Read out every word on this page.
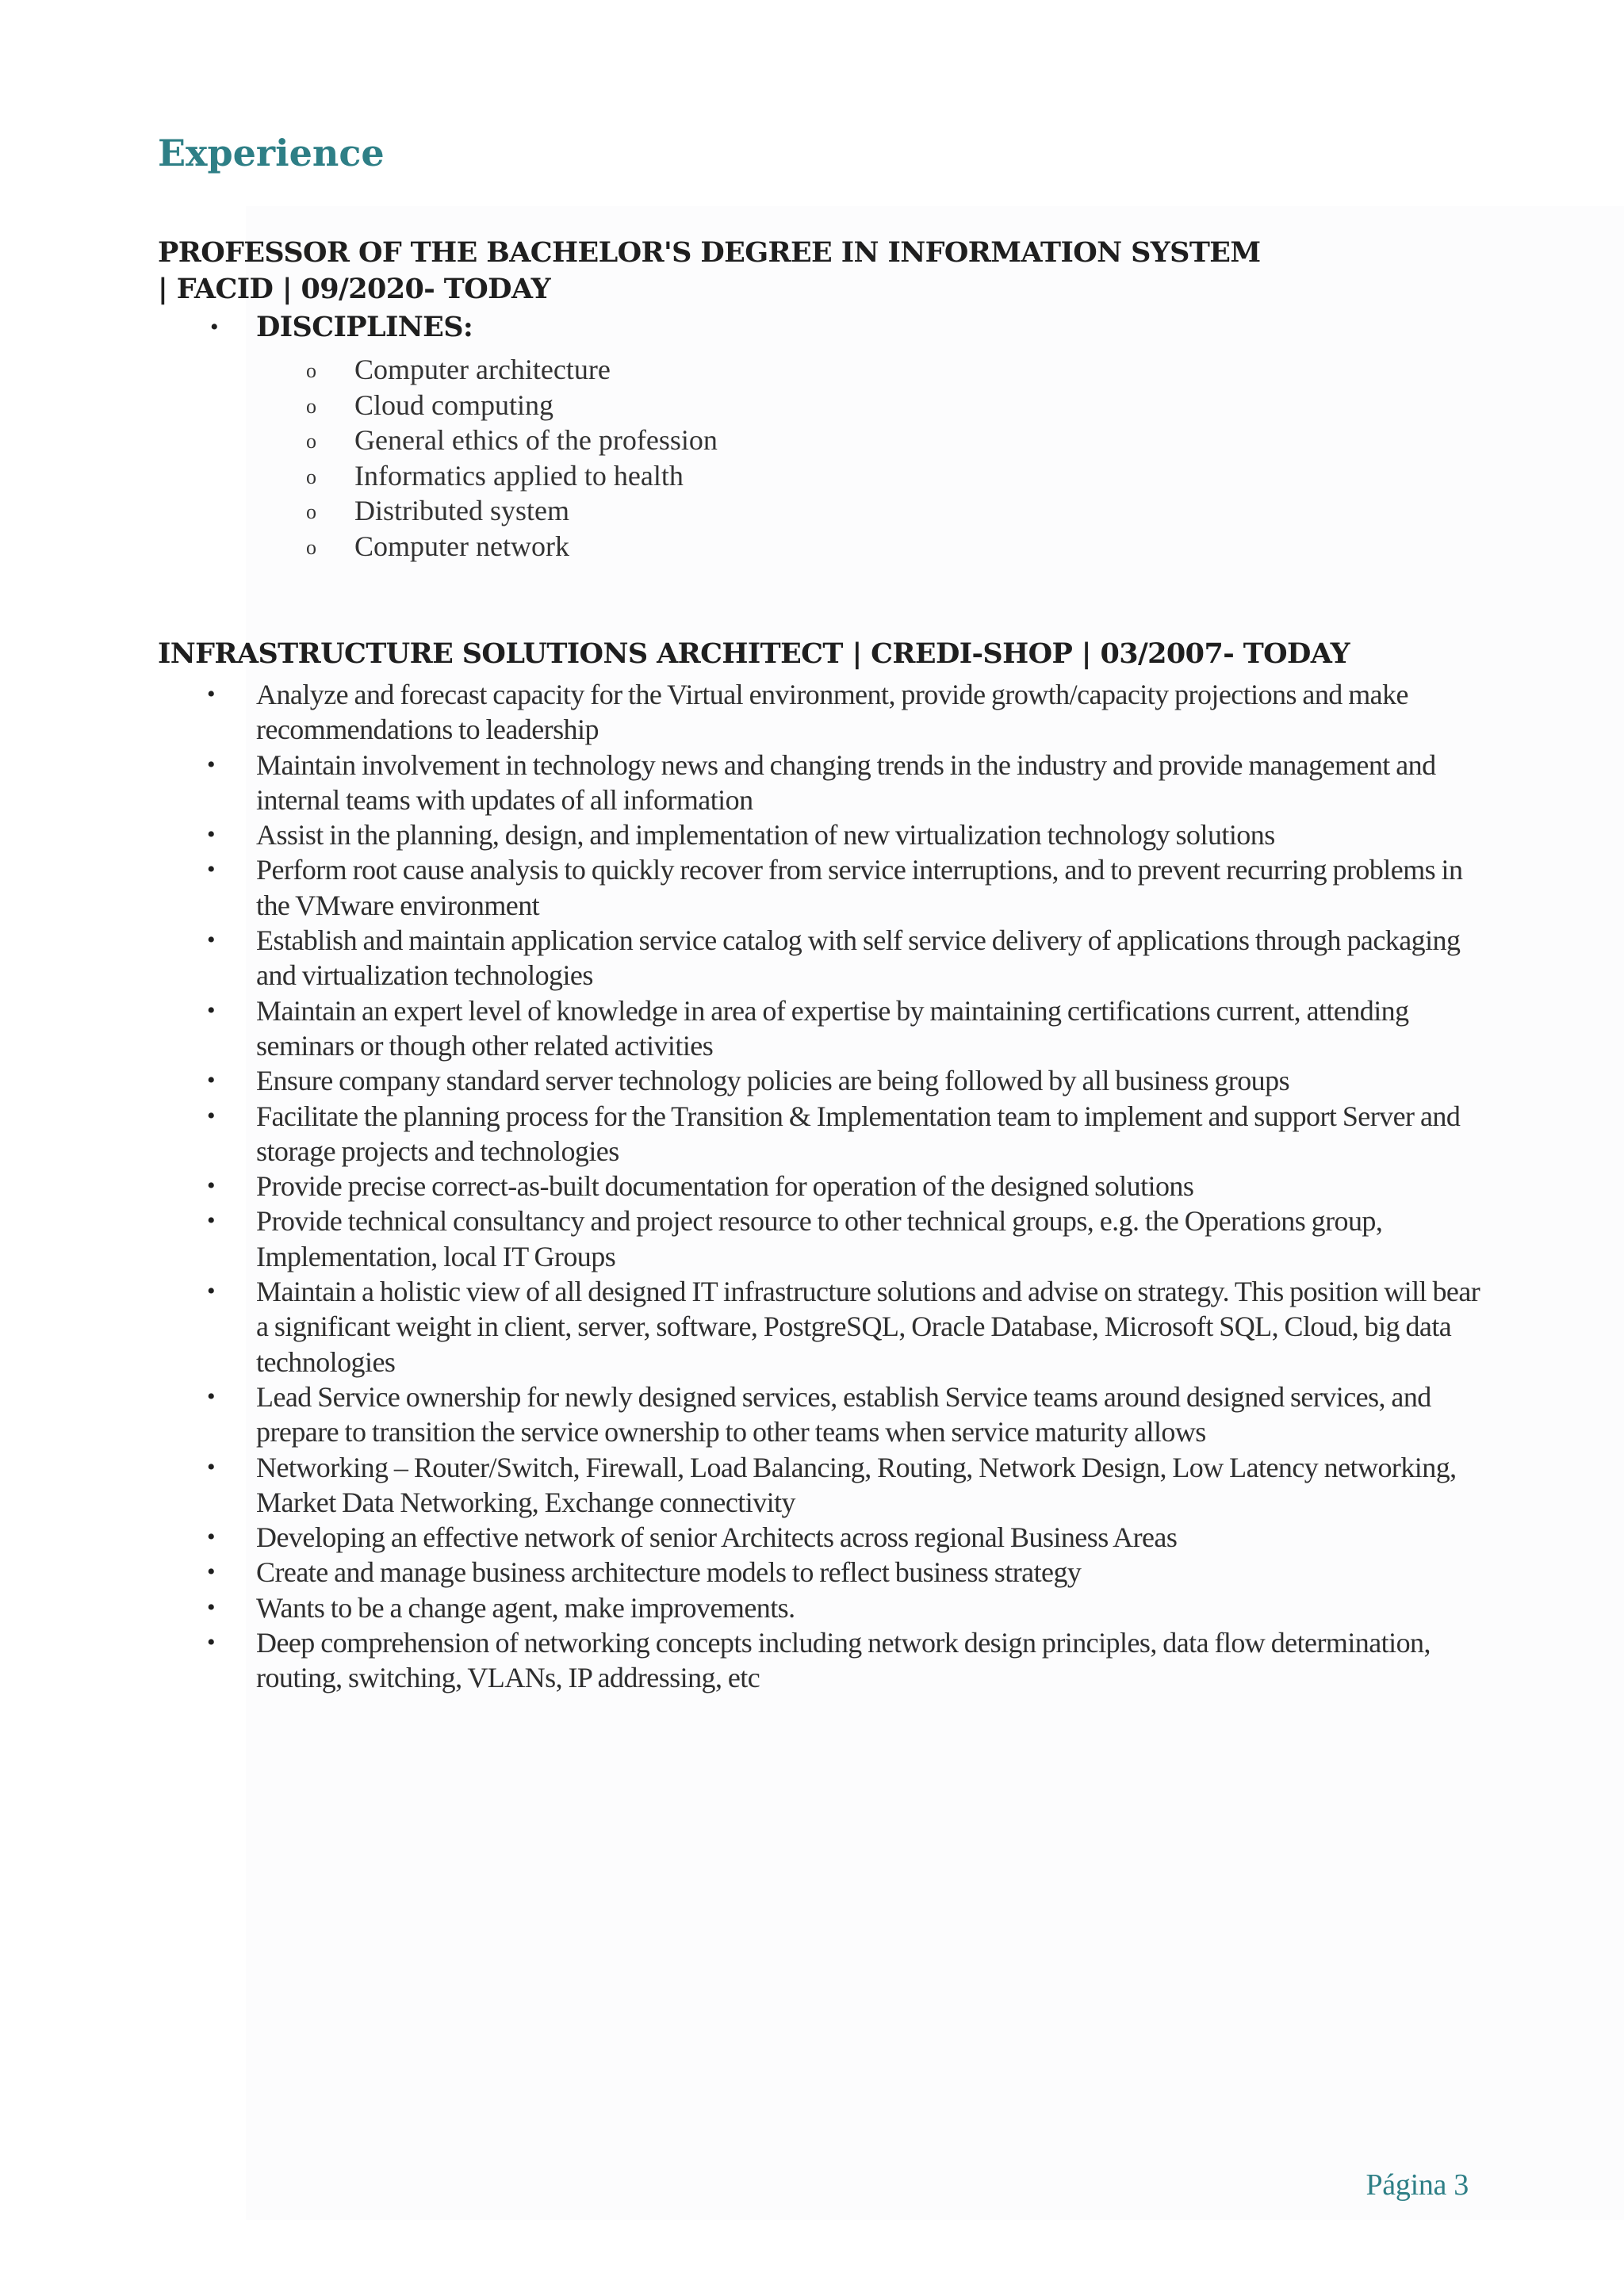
Experience
PROFESSOR OF THE BACHELOR'S DEGREE IN INFORMATION SYSTEM
| FACID | 09/2020- TODAY
• DISCIPLINES:
o Computer architecture
o Cloud computing
o General ethics of the profession
o Informatics applied to health
o Distributed system
o Computer network
INFRASTRUCTURE SOLUTIONS ARCHITECT | CREDI-SHOP | 03/2007- TODAY
• Analyze and forecast capacity for the Virtual environment, provide growth/capacity projections and make recommendations to leadership
• Maintain involvement in technology news and changing trends in the industry and provide management and internal teams with updates of all information
• Assist in the planning, design, and implementation of new virtualization technology solutions
• Perform root cause analysis to quickly recover from service interruptions, and to prevent recurring problems in the VMware environment
• Establish and maintain application service catalog with self service delivery of applications through packaging and virtualization technologies
• Maintain an expert level of knowledge in area of expertise by maintaining certifications current, attending seminars or though other related activities
• Ensure company standard server technology policies are being followed by all business groups
• Facilitate the planning process for the Transition & Implementation team to implement and support Server and storage projects and technologies
• Provide precise correct-as-built documentation for operation of the designed solutions
• Provide technical consultancy and project resource to other technical groups, e.g. the Operations group, Implementation, local IT Groups
• Maintain a holistic view of all designed IT infrastructure solutions and advise on strategy. This position will bear a significant weight in client, server, software, PostgreSQL, Oracle Database, Microsoft SQL, Cloud, big data technologies
• Lead Service ownership for newly designed services, establish Service teams around designed services, and prepare to transition the service ownership to other teams when service maturity allows
• Networking – Router/Switch, Firewall, Load Balancing, Routing, Network Design, Low Latency networking, Market Data Networking, Exchange connectivity
• Developing an effective network of senior Architects across regional Business Areas
• Create and manage business architecture models to reflect business strategy
• Wants to be a change agent, make improvements.
• Deep comprehension of networking concepts including network design principles, data flow determination, routing, switching, VLANs, IP addressing, etc
Página 3
